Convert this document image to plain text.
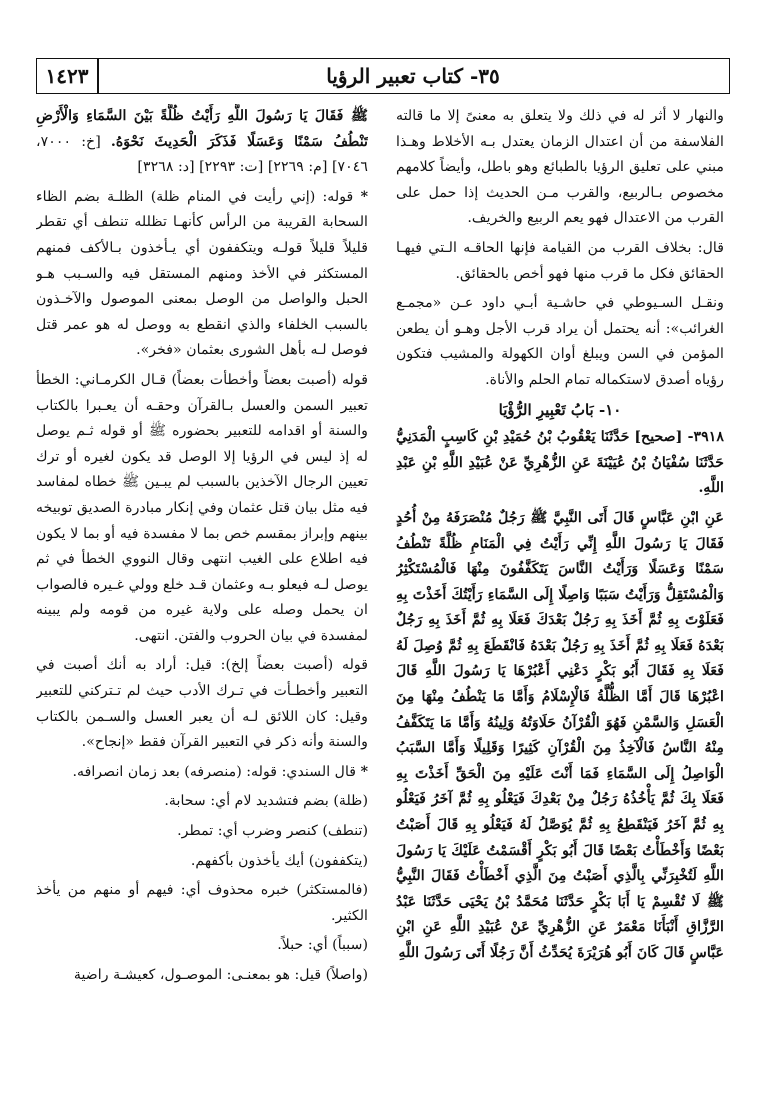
١٤٢٣	٣٥- كتاب تعبير الرؤيا

والنهار لا أثر له في ذلك ولا يتعلق به معنىً إلا ما قالته الفلاسفة من أن اعتدال الزمان يعتدل بـه الأخلاط وهـذا مبني على تعليق الرؤيا بالطبائع وهو باطل، وأيضاً كلامهم مخصوص بـالربيع، والقرب مـن الحديث إذا حمل على القرب من الاعتدال فهو يعم الربيع والخريف.

قال: بخلاف القرب من القيامة فإنها الحاقـه الـتي فيهـا الحقائق فكل ما قرب منها فهو أخص بالحقائق.

ونقـل السـيوطي في حاشـية أبـي داود عـن «مجمـع الغرائب»: أنه يحتمل أن يراد قرب الأجل وهـو أن يطعن المؤمن في السن ويبلغ أوان الكهولة والمشيب فتكون رؤياه أصدق لاستكماله تمام الحلم والأناة.

١٠- بَابُ تَعْبِيرِ الرُّؤْيَا

٣٩١٨- [صحيح] حَدَّثَنَا يَعْقُوبُ بْنُ حُمَيْدِ بْنِ كَاسِبٍ الْمَدَنِيُّ حَدَّثَنَا سُفْيَانُ بْنُ عُيَيْنَةَ عَنِ الزُّهْرِيِّ عَنْ عُبَيْدِ اللَّهِ بْنِ عَبْدِ اللَّهِ.

عَنِ ابْنِ عَبَّاسٍ قَالَ أَتَى النَّبِيَّ ﷺ رَجُلٌ مُنْصَرَفَهُ مِنْ أُحُدٍ فَقَالَ يَا رَسُولَ اللَّهِ إِنِّي رَأَيْتُ فِي الْمَنَامِ ظُلَّةً تَنْطُفُ سَمْنًا وَعَسَلًا وَرَأَيْتُ النَّاسَ يَتَكَفَّفُونَ مِنْهَا فَالْمُسْتَكْثِرُ وَالْمُسْتَقِلُّ وَرَأَيْتُ سَبَبًا وَاصِلًا إِلَى السَّمَاءِ رَأَيْتُكَ أَخَذْتَ بِهِ فَعَلَوْتَ بِهِ ثُمَّ أَخَذَ بِهِ رَجُلٌ بَعْدَكَ فَعَلَا بِهِ ثُمَّ أَخَذَ بِهِ رَجُلٌ بَعْدَهُ فَعَلَا بِهِ ثُمَّ أَخَذَ بِهِ رَجُلٌ بَعْدَهُ فَانْقَطَعَ بِهِ ثُمَّ وُصِلَ لَهُ فَعَلَا بِهِ فَقَالَ أَبُو بَكْرٍ دَعْنِي أَعْبُرْهَا يَا رَسُولَ اللَّهِ قَالَ اعْبُرْهَا قَالَ أَمَّا الظُّلَّةُ فَالْإِسْلَامُ وَأَمَّا مَا يَنْطُفُ مِنْهَا مِنَ الْعَسَلِ وَالسَّمْنِ فَهُوَ الْقُرْآنُ حَلَاوَتُهُ وَلِينُهُ وَأَمَّا مَا يَتَكَفَّفُ مِنْهُ النَّاسُ فَالْآخِذُ مِنَ الْقُرْآنِ كَثِيرًا وَقَلِيلًا وَأَمَّا السَّبَبُ الْوَاصِلُ إِلَى السَّمَاءِ فَمَا أَنْتَ عَلَيْهِ مِنَ الْحَقِّ أَخَذْتَ بِهِ فَعَلَا بِكَ ثُمَّ يَأْخُذُهُ رَجُلٌ مِنْ بَعْدِكَ فَيَعْلُو بِهِ ثُمَّ آخَرُ فَيَعْلُو بِهِ ثُمَّ آخَرُ فَيَنْقَطِعُ بِهِ ثُمَّ يُوَصَّلُ لَهُ فَيَعْلُو بِهِ قَالَ أَصَبْتُ بَعْضًا وَأَخْطَأْتُ بَعْضًا قَالَ أَبُو بَكْرٍ أَقْسَمْتُ عَلَيْكَ يَا رَسُولَ اللَّهِ لَتُخْبِرَنِّي بِالَّذِي أَصَبْتُ مِنَ الَّذِي أَخْطَأْتُ فَقَالَ النَّبِيُّ ﷺ لَا تُقْسِمْ يَا أَبَا بَكْرٍ حَدَّثَنَا مُحَمَّدُ بْنُ يَحْيَى حَدَّثَنَا عَبْدُ الرَّزَّاقِ أَنْبَأَنَا مَعْمَرٌ عَنِ الزُّهْرِيِّ عَنْ عُبَيْدِ اللَّهِ عَنِ ابْنِ عَبَّاسٍ قَالَ كَانَ أَبُو هُرَيْرَةَ يُحَدِّثُ أَنَّ رَجُلًا أَتَى رَسُولَ اللَّهِ

ﷺ فَقَالَ يَا رَسُولَ اللَّهِ رَأَيْتُ ظُلَّةً بَيْنَ السَّمَاءِ وَالْأَرْضِ تَنْطُفُ سَمْنًا وَعَسَلًا فَذَكَرَ الْحَدِيثَ نَحْوَهُ. [خ: ٧٠٠٠، ٧٠٤٦] [م: ٢٢٦٩] [ت: ٢٢٩٣] [د: ٣٢٦٨]

* قوله: (إني رأيت في المنام ظلة) الظلـة بضم الظاء السحابة القريبة من الرأس كأنهـا تظلله تنطف أي تقطر قليلاً قليلاً قولـه ويتكففون أي يـأخذون بـالأكف فمنهم المستكثر في الأخذ ومنهم المستقل فيه والسـبب هـو الحبل والواصل من الوصل بمعنى الموصول والآخـذون بالسبب الخلفاء والذي انقطع به ووصل له هو عمر قتل فوصل لـه بأهل الشورى بعثمان «فخر».

قوله (أصبت بعضاً وأخطأت بعضاً) قـال الكرمـاني: الخطأ تعبير السمن والعسل بـالقرآن وحقـه أن يعـبرا بالكتاب والسنة أو اقدامه للتعبير بحضوره ﷺ أو قوله ثـم يوصل له إذ ليس في الرؤيا إلا الوصل قد يكون لغيره أو ترك تعيين الرجال الآخذين بالسبب لم يبـين ﷺ خطاه لمفاسد فيه مثل بيان قتل عثمان وفي إنكار مبادرة الصديق توبيخه بينهم وإبراز بمقسم خص بما لا مفسدة فيه أو بما لا يكون فيه اطلاع على الغيب انتهى وقال النووي الخطأ في ثم يوصل لـه فيعلو بـه وعثمان قـد خلع وولي غـيره فالصواب ان يحمل وصله على ولاية غيره من قومه ولم يبينه لمفسدة في بيان الحروب والفتن. انتهى.

قوله (أصبت بعضاً إلخ): قيل: أراد به أنك أصبت في التعبير وأخطـأت في تـرك الأدب حيث لم تـتركني للتعبير وقيل: كان اللائق لـه أن يعبر العسل والسـمن بالكتاب والسنة وأنه ذكر في التعبير القرآن فقط «إنجاح».

* قال السندي: قوله: (منصرفه) بعد زمان انصرافه.

(ظلة) بضم فتشديد لام أي: سحابة.

(تنطف) كنصر وضرب أي: تمطر.

(يتكففون) أيك يأخذون بأكفهم.

(فالمستكثر) خبره محذوف أي: فيهم أو منهم من يأخذ الكثير.

(سبباً) أي: حبلاً.

(واصلاً) قيل: هو بمعنـى: الموصـول، كعيشـة راضية
